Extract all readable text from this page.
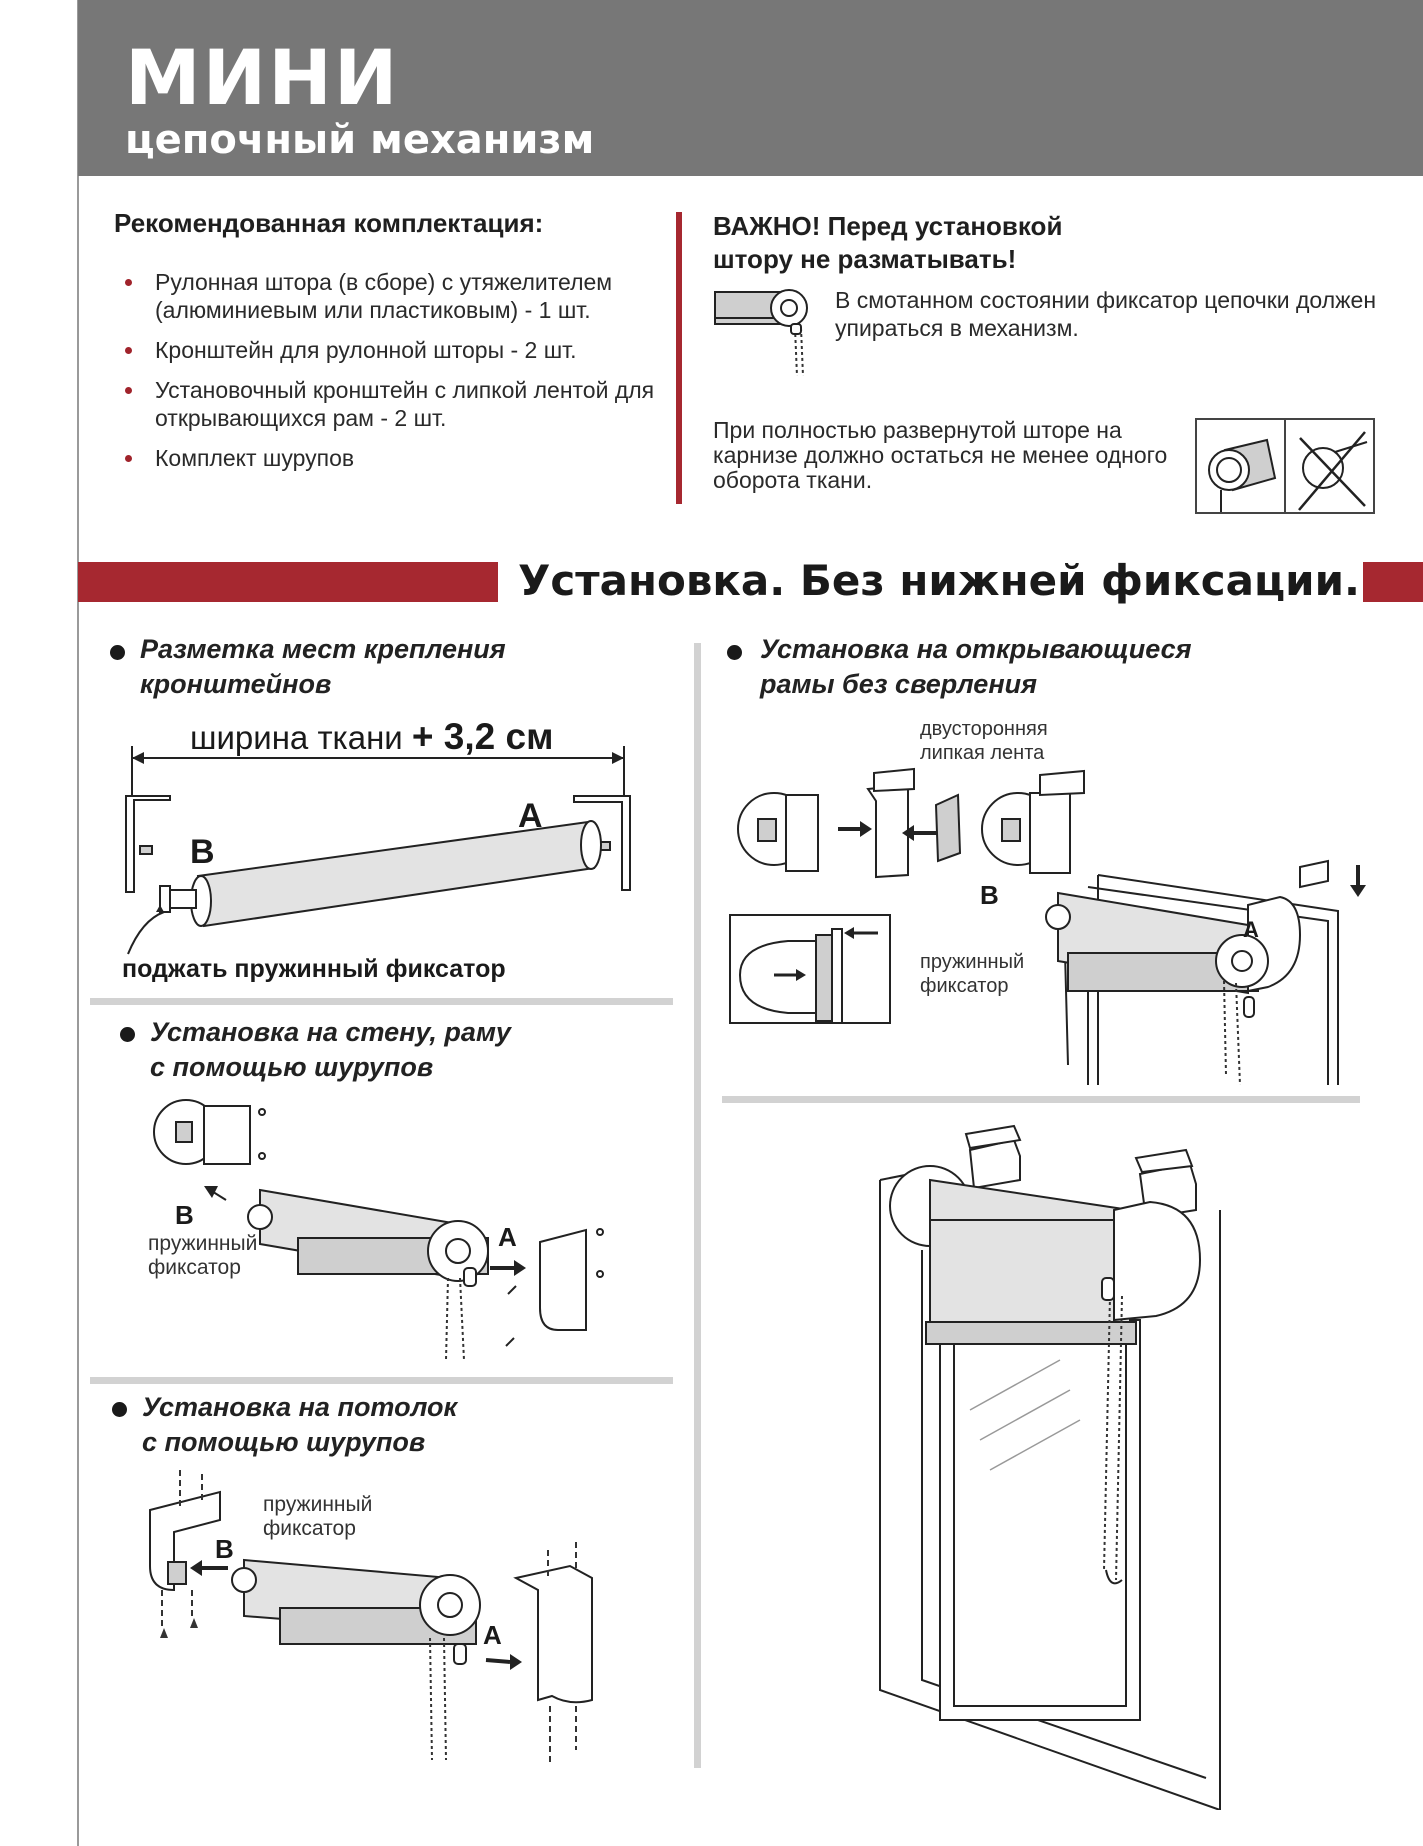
МИНИ
цепочный механизм
Рекомендованная комплектация:
Рулонная штора (в сборе) с утяжелителем (алюминиевым или пластиковым) - 1 шт.
Кронштейн для рулонной шторы - 2 шт.
Установочный кронштейн с липкой лентой для открывающихся рам - 2 шт.
Комплект шурупов
ВАЖНО! Перед установкой
штору не разматывать!
В смотанном состоянии фиксатор цепочки должен упираться в механизм.
При полностью развернутой шторе на карнизе должно остаться не менее одного оборота ткани.
Установка. Без нижней фиксации.
Разметка мест крепления
кронштейнов
ширина ткани + 3,2 см
A
B
поджать пружинный фиксатор
Установка на стену, раму
с помощью шурупов
B
A
пружинный
фиксатор
Установка на потолок
с помощью шурупов
пружинный
фиксатор
B
A
Установка на открывающиеся
рамы без сверления
двусторонняя
липкая лента
B
A
пружинный
фиксатор
